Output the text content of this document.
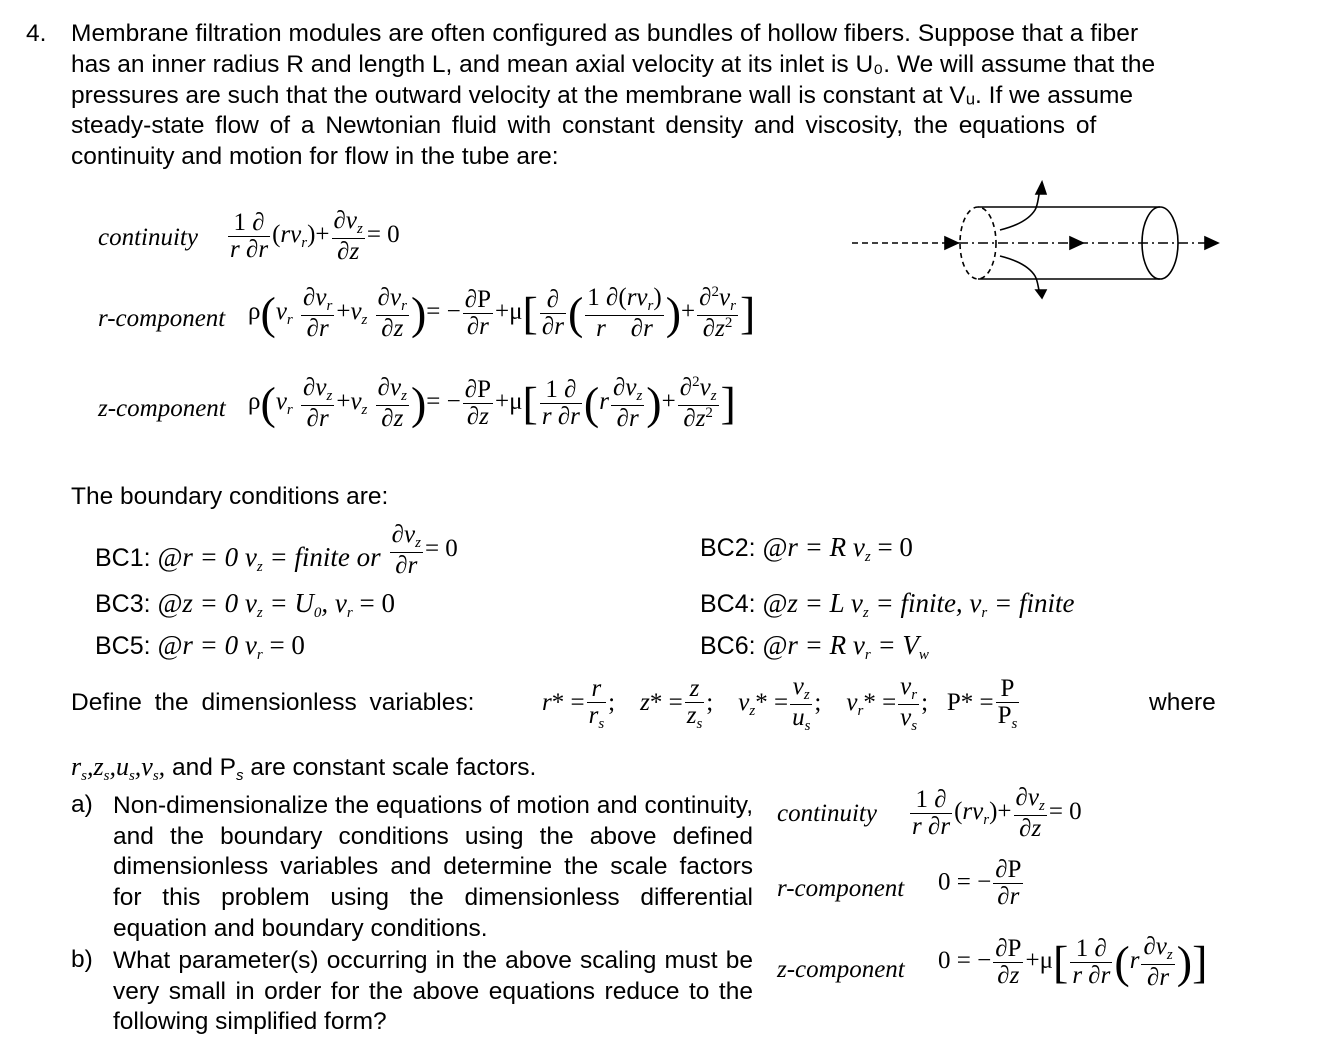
4. Membrane filtration modules are often configured as bundles of hollow fibers. Suppose that a fiber
has an inner radius R and length L, and mean axial velocity at its inlet is U₀. We will assume that the
pressures are such that the outward velocity at the membrane wall is constant at Vᵤ. If we assume
steady-state flow of a Newtonian fluid with constant density and viscosity, the equations of
continuity and motion for flow in the tube are:
continuity $\frac{1 \partial}{r \partial r} (rv_r)+ \frac{\partial v_z}{\partial z} = 0$
r-component $\rho(v_r \frac{\partial v_r}{\partial r} +v_z \frac{\partial v_r}{\partial z}$ )= − $\frac{\partial P}{\partial r} +\mu[ \frac{\partial}{\partial r}$ ( $\frac{1 \partial(rv_r)}{r \partial r}$ )+ $\frac{\partial^2v_r}{\partial z^2}$ ]
z-component $\rho(v_r \frac{\partial v_z}{\partial r} +v_z \frac{\partial v_z}{\partial z}$ )= − $\frac{\partial P}{\partial z} +\mu[ \frac{1 \partial}{r \partial r} (r \frac{\partial v_z}{\partial r}$ )+ $\frac{\partial^2v_z}{\partial z^2}$ ]
The boundary conditions are:
BC1: @r = 0 $v_z$ = finite or $\frac{\partial v_z}{\partial r} = 0$	BC2: @r = R $v_z = 0$
BC3: @z = 0 $v_z = U_0$, $v_r = 0$	BC4: @z = L $v_z$ = finite, $v_r$ = finite
BC5: @r = 0 $v_r = 0$	BC6: @r = R $v_r = V_w$
Define the dimensionless variables:	$r* = \frac{r}{r_s}$ ;    $z* = \frac{z}{z_s}$ ;    $v_z* = \frac{v_z}{u_s}$ ;    $v_r* = \frac{v_r}{v_s}$ ;   $P* = \frac{P}{P_s}$	where
$r_s,z_s,u_s,v_s$, and $P_s$ are constant scale factors.
a) Non-dimensionalize the equations of motion and continuity, and the boundary conditions using the above defined dimensionless variables and determine the scale factors for this problem using the dimensionless differential equation and boundary conditions.
b) What parameter(s) occurring in the above scaling must be very small in order for the above equations reduce to the following simplified form?
continuity $\frac{1 \partial}{r \partial r} (rv_r)+ \frac{\partial v_z}{\partial z} = 0$
r-component 0 = − $\frac{\partial P}{\partial r}$
z-component 0 = − $\frac{\partial P}{\partial z} +\mu[ \frac{1 \partial}{r \partial r} (r \frac{\partial v_z}{\partial r}$ )]
